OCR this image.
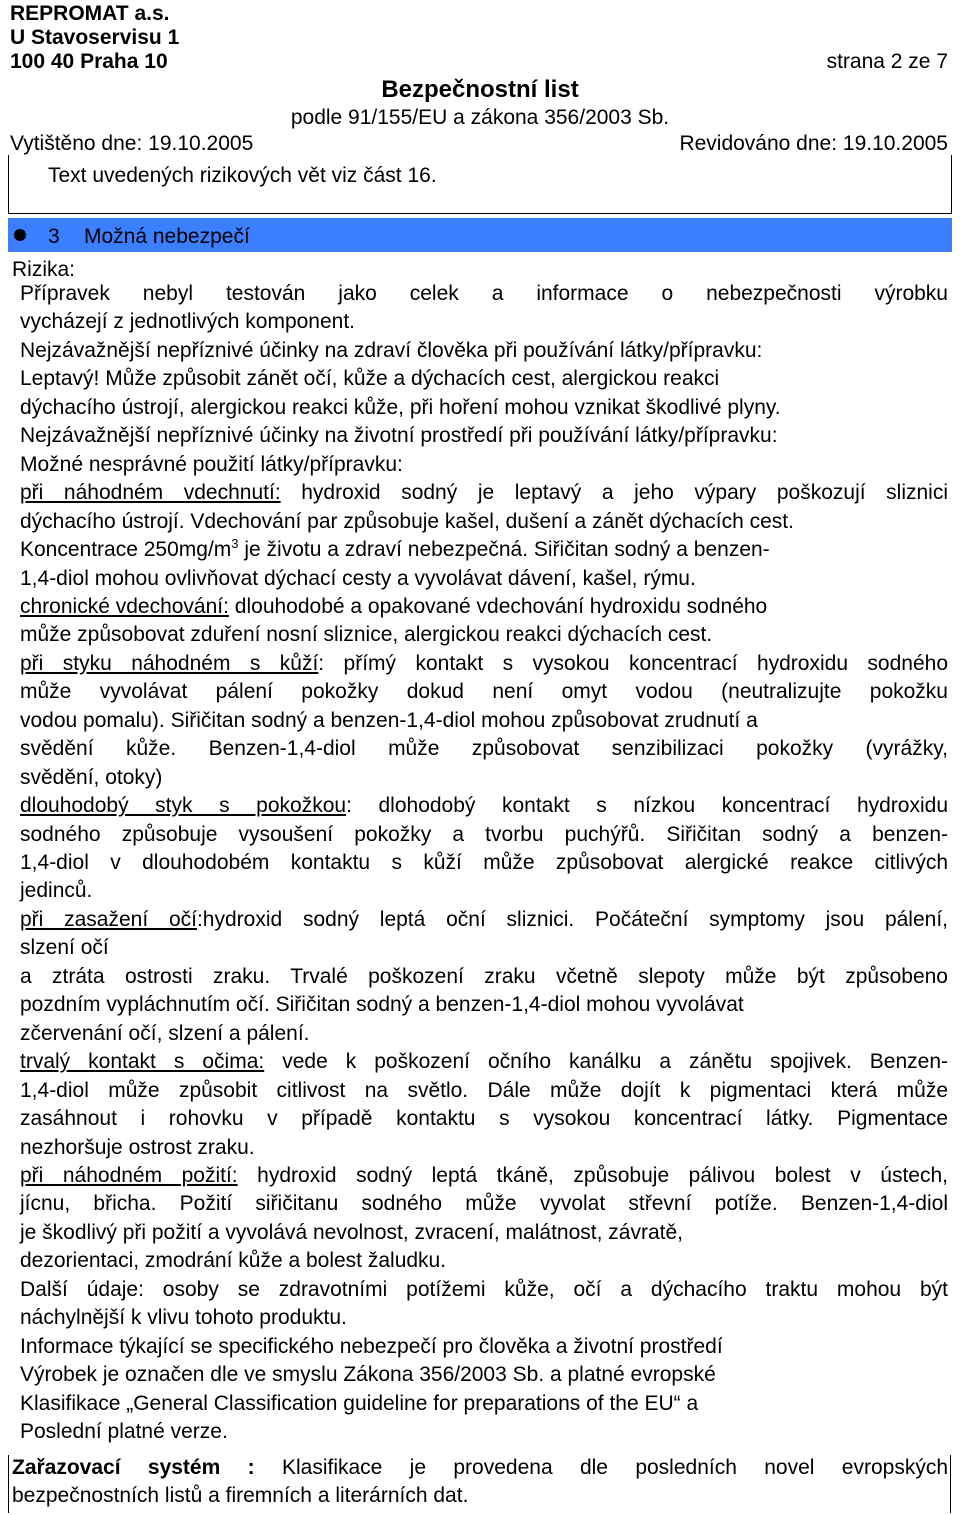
REPROMAT a.s.
U Stavoservisu 1
100 40 Praha 10	strana 2 ze 7
Bezpečnostní list
podle 91/155/EU a zákona 356/2003 Sb.
Vytištěno dne: 19.10.2005	Revidováno dne: 19.10.2005
Text uvedených rizikových vět viz část 16.
3 Možná nebezpečí
Rizika:
Přípravek nebyl testován jako celek a informace o nebezpečnosti výrobku
vycházejí z jednotlivých komponent.
Nejzávažnější nepříznivé účinky na zdraví člověka při používání látky/přípravku:
Leptavý! Může způsobit zánět očí, kůže a dýchacích cest, alergickou reakci
dýchacího ústrojí, alergickou reakci kůže, při hoření mohou vznikat škodlivé plyny.
Nejzávažnější nepříznivé účinky na životní prostředí při používání látky/přípravku:
Možné nesprávné použití látky/přípravku:
při náhodném vdechnutí: hydroxid sodný je leptavý a jeho výpary poškozují sliznici
dýchacího ústrojí. Vdechování par způsobuje kašel, dušení a zánět dýchacích cest.
Koncentrace $250mg/m^3$ je životu a zdraví nebezpečná. Siřičitan sodný a benzen-
1,4-diol mohou ovlivňovat dýchací cesty a vyvolávat dávení, kašel, rýmu.
chronické vdechování: dlouhodobé a opakované vdechování hydroxidu sodného
může způsobovat zduření nosní sliznice, alergickou reakci dýchacích cest.
při styku náhodném s kůží: přímý kontakt s vysokou koncentrací hydroxidu sodného
může vyvolávat pálení pokožky dokud není omyt vodou (neutralizujte pokožku
vodou pomalu). Siřičitan sodný a benzen-1,4-diol mohou způsobovat zrudnutí a
svědění kůže. Benzen-1,4-diol může způsobovat senzibilizaci pokožky (vyrážky,
svědění, otoky)
dlouhodobý styk s pokožkou: dlohodobý kontakt s nízkou koncentrací hydroxidu
sodného způsobuje vysoušení pokožky a tvorbu puchýřů. Siřičitan sodný a benzen-
1,4-diol v dlouhodobém kontaktu s kůží může způsobovat alergické reakce citlivých
jedinců.
při zasažení očí:hydroxid sodný leptá oční sliznici. Počáteční symptomy jsou pálení,
slzení očí
a ztráta ostrosti zraku. Trvalé poškození zraku včetně slepoty může být způsobeno
pozdním vypláchnutím očí. Siřičitan sodný a benzen-1,4-diol mohou vyvolávat
zčervenání očí, slzení a pálení.
trvalý kontakt s očima: vede k poškození očního kanálku a zánětu spojivek. Benzen-
1,4-diol může způsobit citlivost na světlo. Dále může dojít k pigmentaci která může
zasáhnout i rohovku v případě kontaktu s vysokou koncentrací látky. Pigmentace
nezhoršuje ostrost zraku.
při náhodném požití: hydroxid sodný leptá tkáně, způsobuje pálivou bolest v ústech,
jícnu, břicha. Požití siřičitanu sodného může vyvolat střevní potíže. Benzen-1,4-diol
je škodlivý při požití a vyvolává nevolnost, zvracení, malátnost, závratě,
dezorientaci, zmodrání kůže a bolest žaludku.
Další údaje: osoby se zdravotními potížemi kůže, očí a dýchacího traktu mohou být
náchylnější k vlivu tohoto produktu.
Informace týkající se specifického nebezpečí pro člověka a životní prostředí
Výrobek je označen dle ve smyslu Zákona 356/2003 Sb. a platné evropské
Klasifikace „General Classification guideline for preparations of the EU“ a
Poslední platné verze.
Zařazovací systém : Klasifikace je provedena dle posledních novel evropských
bezpečnostních listů a firemních a literárních dat.
